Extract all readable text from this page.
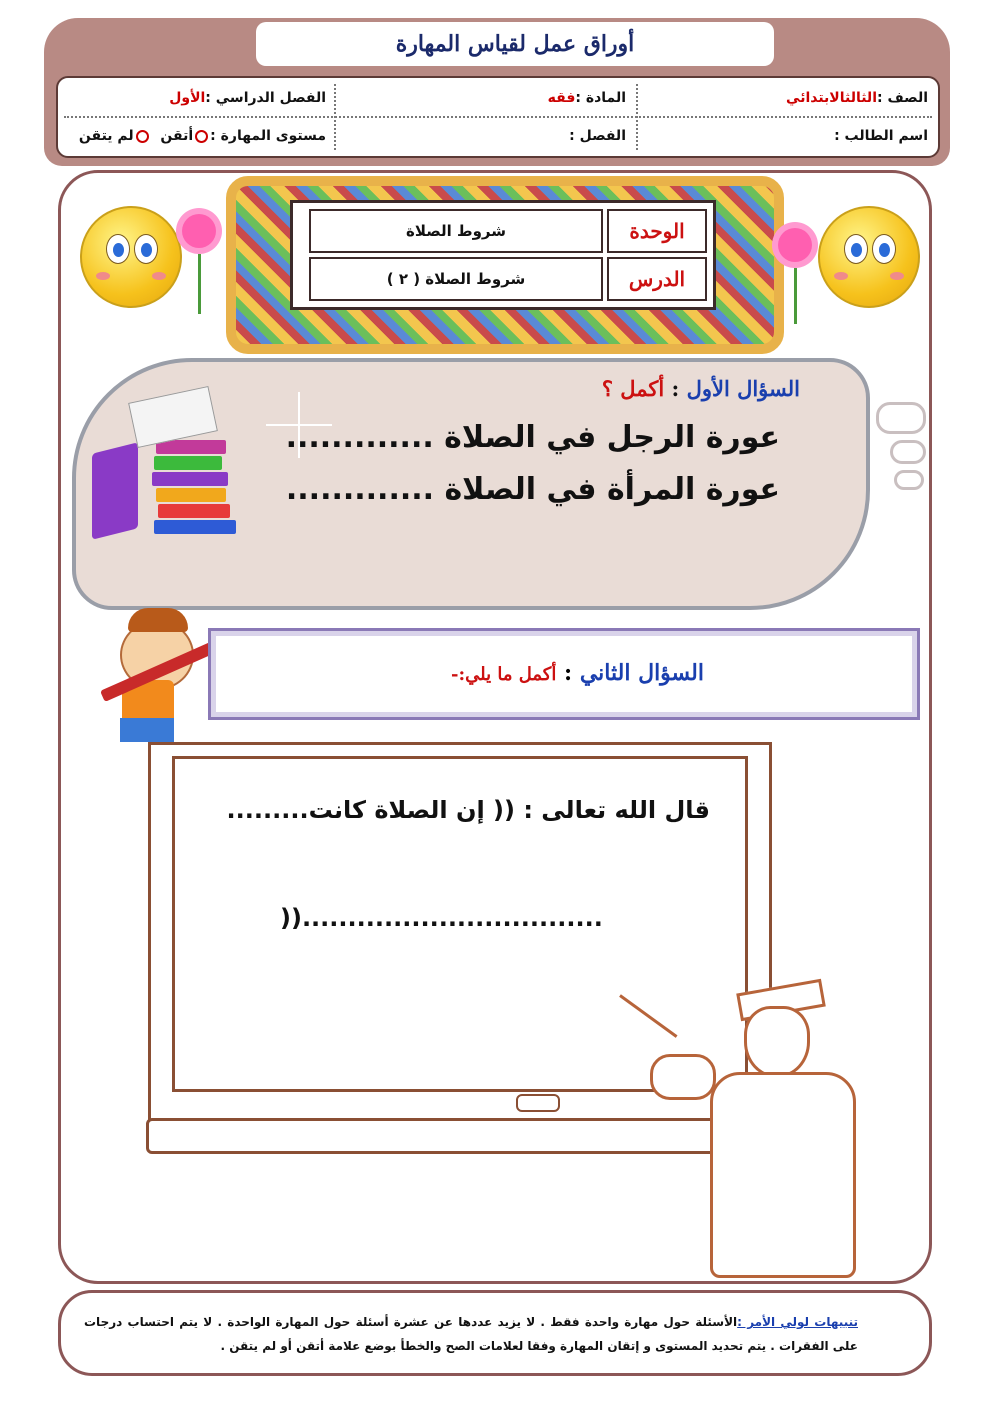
أوراق عمل لقياس المهارة
الصف :الثالثالابتدائي
المادة :فقه
الفصل الدراسي :الأول
اسم الطالب :
الفصل :
مستوى المهارة :أتقن  لم يتقن
الوحدة
شروط الصلاة
الدرس
شروط الصلاة ( ٢ )
السؤال الأول : أكمل ؟
عورة الرجل في الصلاة .............
عورة المرأة في الصلاة .............
السؤال الثاني : أكمل ما يلي:-
قال الله تعالى : (( إن الصلاة كانت.........
)).................................
تنبيهات لولي الأمر :الأسئلة حول مهارة واحدة فقط . لا يزيد عددها عن عشرة أسئلة حول المهارة الواحدة . لا يتم احتساب درجات على الفقرات . يتم تحديد المستوى و إتقان المهارة وفقا لعلامات الصح والخطأ بوضع علامة أتقن أو لم يتقن .
